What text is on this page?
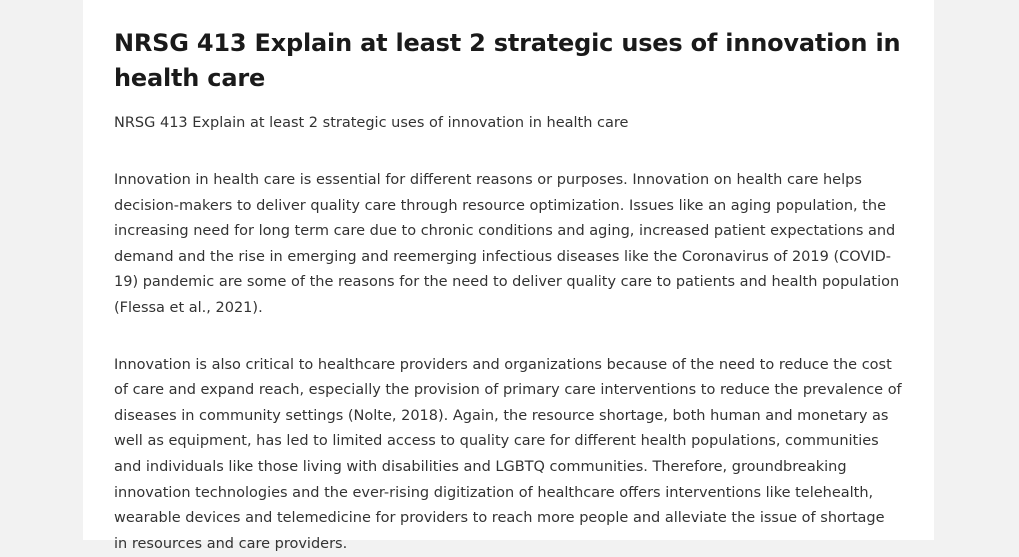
NRSG 413 Explain at least 2 strategic uses of innovation in health care

NRSG 413 Explain at least 2 strategic uses of innovation in health care

Innovation in health care is essential for different reasons or purposes. Innovation on health care helps decision-makers to deliver quality care through resource optimization. Issues like an aging population, the increasing need for long term care due to chronic conditions and aging, increased patient expectations and demand and the rise in emerging and reemerging infectious diseases like the Coronavirus of 2019 (COVID-19) pandemic are some of the reasons for the need to deliver quality care to patients and health population (Flessa et al., 2021).

Innovation is also critical to healthcare providers and organizations because of the need to reduce the cost of care and expand reach, especially the provision of primary care interventions to reduce the prevalence of diseases in community settings (Nolte, 2018). Again, the resource shortage, both human and monetary as well as equipment, has led to limited access to quality care for different health populations, communities and individuals like those living with disabilities and LGBTQ communities. Therefore, groundbreaking innovation technologies and the ever-rising digitization of healthcare offers interventions like telehealth, wearable devices and telemedicine for providers to reach more people and alleviate the issue of shortage in resources and care providers.
